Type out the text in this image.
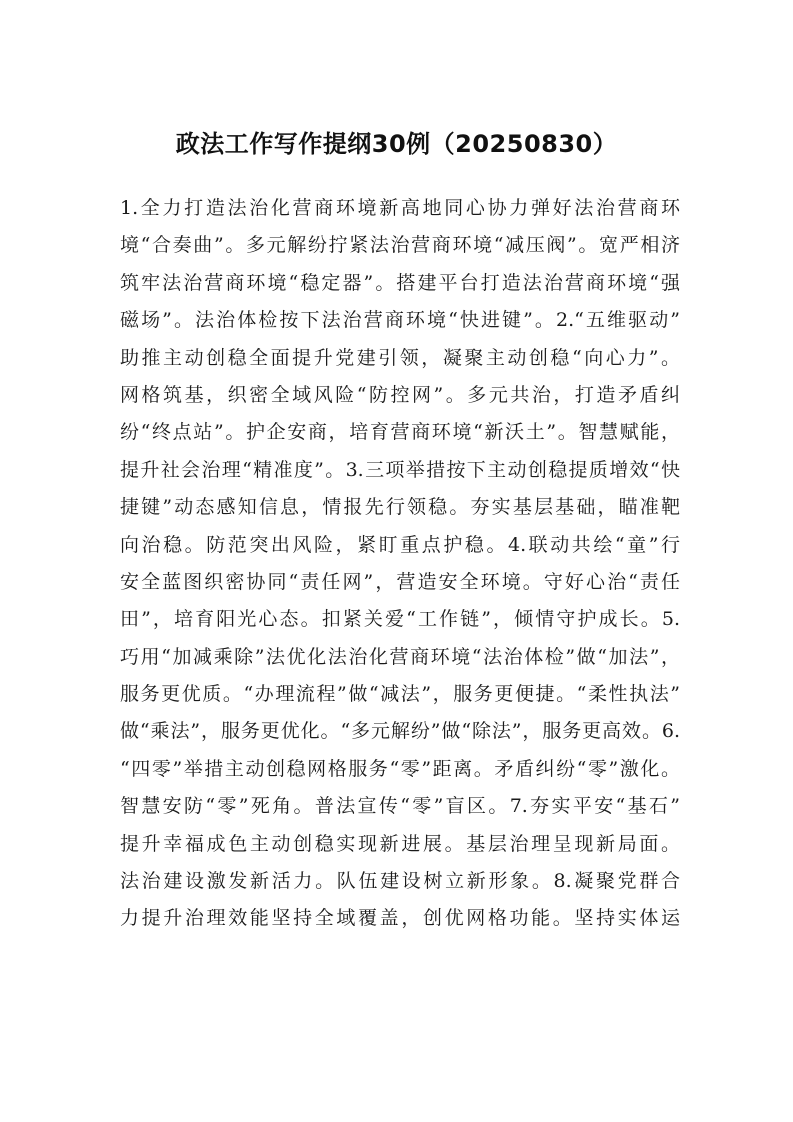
政法工作写作提纲30例（20250830）
1.全力打造法治化营商环境新高地同心协力弹好法治营商环
境“合奏曲”。多元解纷拧紧法治营商环境“减压阀”。宽严相济
筑牢法治营商环境“稳定器”。搭建平台打造法治营商环境“强
磁场”。法治体检按下法治营商环境“快进键”。2.“五维驱动”
助推主动创稳全面提升党建引领，凝聚主动创稳“向心力”。
网格筑基，织密全域风险“防控网”。多元共治，打造矛盾纠
纷“终点站”。护企安商，培育营商环境“新沃土”。智慧赋能，
提升社会治理“精准度”。3.三项举措按下主动创稳提质增效“快
捷键”动态感知信息，情报先行领稳。夯实基层基础，瞄准靶
向治稳。防范突出风险，紧盯重点护稳。4.联动共绘“童”行
安全蓝图织密协同“责任网”，营造安全环境。守好心治“责任
田”，培育阳光心态。扣紧关爱“工作链”，倾情守护成长。5.
巧用“加减乘除”法优化法治化营商环境“法治体检”做“加法”，
服务更优质。“办理流程”做“减法”，服务更便捷。“柔性执法”
做“乘法”，服务更优化。“多元解纷”做“除法”，服务更高效。6.
“四零”举措主动创稳网格服务“零”距离。矛盾纠纷“零”激化。
智慧安防“零”死角。普法宣传“零”盲区。7.夯实平安“基石”
提升幸福成色主动创稳实现新进展。基层治理呈现新局面。
法治建设激发新活力。队伍建设树立新形象。8.凝聚党群合
力提升治理效能坚持全域覆盖，创优网格功能。坚持实体运
